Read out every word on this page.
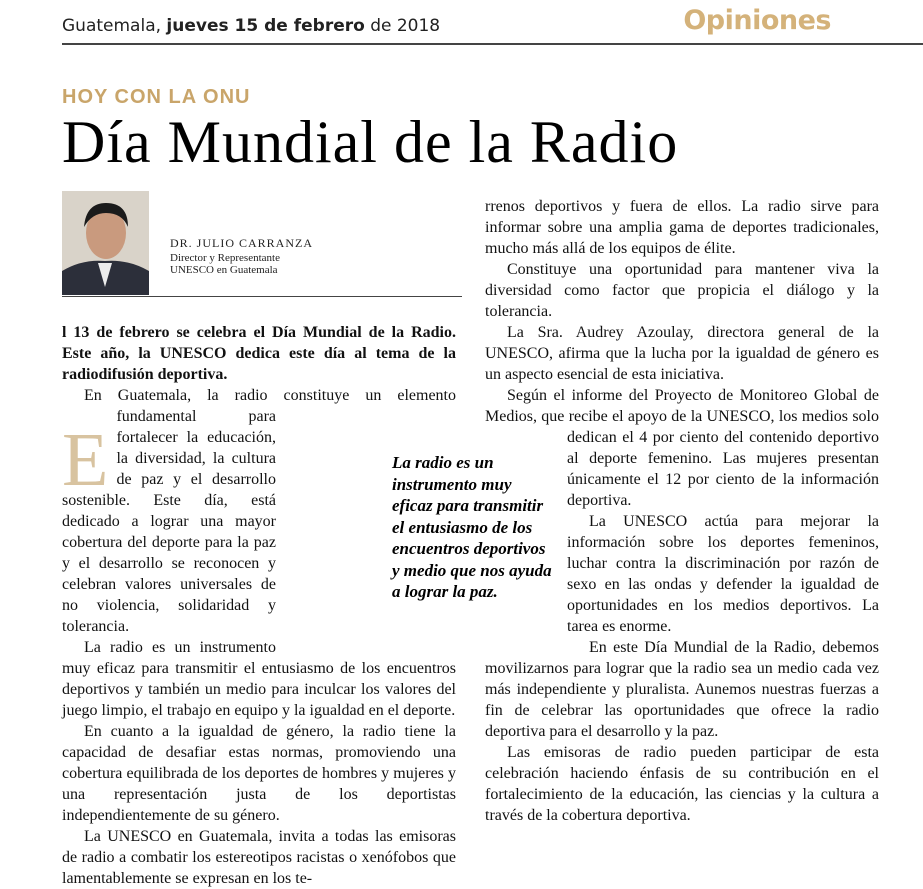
Guatemala, jueves 15 de febrero de 2018	Opiniones
HOY CON LA ONU
Día Mundial de la Radio
DR. JULIO CARRANZA
Director y Representante
UNESCO en Guatemala
E

l 13 de febrero se celebra el Día Mundial de la Radio. Este año, la UNESCO dedica este día al tema de la radiodifusión deportiva.

En Guatemala, la radio constituye un elemento fundamental para fortalecer la educación, la diversidad, la cultura de paz y el desarrollo sostenible. Este día, está dedicado a lograr una mayor cobertura del deporte para la paz y el desarrollo se reconocen y celebran valores universales de no violencia, solidaridad y tolerancia.

La radio es un instrumento muy eficaz para transmitir el entusiasmo de los encuentros deportivos y también un medio para inculcar los valores del juego limpio, el trabajo en equipo y la igualdad en el deporte.

En cuanto a la igualdad de género, la radio tiene la capacidad de desafiar estas normas, promoviendo una cobertura equilibrada de los deportes de hombres y mujeres y una representación justa de los deportistas independientemente de su género.

La UNESCO en Guatemala, invita a todas las emisoras de radio a combatir los estereotipos racistas o xenófobos que lamentablemente se expresan en los te-

rrenos deportivos y fuera de ellos. La radio sirve para informar sobre una amplia gama de deportes tradicionales, mucho más allá de los equipos de élite.

Constituye una oportunidad para mantener viva la diversidad como factor que propicia el diálogo y la tolerancia.

La Sra. Audrey Azoulay, directora general de la UNESCO, afirma que la lucha por la igualdad de género es un aspecto esencial de esta iniciativa.

Según el informe del Proyecto de Monitoreo Global de Medios, que recibe el apoyo de la UNESCO, los medios solo dedican el 4 por ciento del contenido deportivo al deporte femenino. Las mujeres presentan únicamente el 12 por ciento de la información deportiva.

La UNESCO actúa para mejorar la información sobre los deportes femeninos, luchar contra la discriminación por razón de sexo en las ondas y defender la igualdad de oportunidades en los medios deportivos. La tarea es enorme.

En este Día Mundial de la Radio, debemos movilizarnos para lograr que la radio sea un medio cada vez más independiente y pluralista. Aunemos nuestras fuerzas a fin de celebrar las oportunidades que ofrece la radio deportiva para el desarrollo y la paz.

Las emisoras de radio pueden participar de esta celebración haciendo énfasis de su contribución en el fortalecimiento de la educación, las ciencias y la cultura a través de la cobertura deportiva.

La radio es un instrumento muy eficaz para transmitir el entusiasmo de los encuentros deportivos y medio que nos ayuda a lograr la paz.
